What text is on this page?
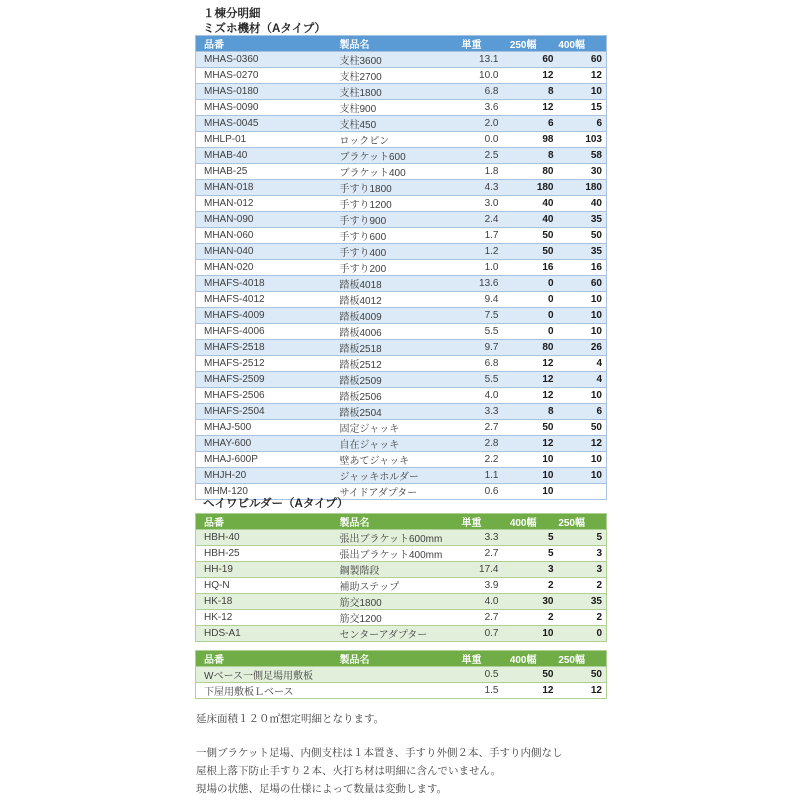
１棟分明細
ミズホ機材（Aタイプ）
品番	製品名	単重	250幅	400幅
MHAS-0360	支柱3600	13.1	60	60
MHAS-0270	支柱2700	10.0	12	12
MHAS-0180	支柱1800	6.8	8	10
MHAS-0090	支柱900	3.6	12	15
MHAS-0045	支柱450	2.0	6	6
MHLP-01	ロックピン	0.0	98	103
MHAB-40	ブラケット600	2.5	8	58
MHAB-25	ブラケット400	1.8	80	30
MHAN-018	手すり1800	4.3	180	180
MHAN-012	手すり1200	3.0	40	40
MHAN-090	手すり900	2.4	40	35
MHAN-060	手すり600	1.7	50	50
MHAN-040	手すり400	1.2	50	35
MHAN-020	手すり200	1.0	16	16
MHAFS-4018	踏板4018	13.6	0	60
MHAFS-4012	踏板4012	9.4	0	10
MHAFS-4009	踏板4009	7.5	0	10
MHAFS-4006	踏板4006	5.5	0	10
MHAFS-2518	踏板2518	9.7	80	26
MHAFS-2512	踏板2512	6.8	12	4
MHAFS-2509	踏板2509	5.5	12	4
MHAFS-2506	踏板2506	4.0	12	10
MHAFS-2504	踏板2504	3.3	8	6
MHAJ-500	固定ジャッキ	2.7	50	50
MHAY-600	自在ジャッキ	2.8	12	12
MHAJ-600P	壁あてジャッキ	2.2	10	10
MHJH-20	ジャッキホルダー	1.1	10	10
MHM-120	サイドアダプター	0.6	10	
ヘイワビルダー（Aタイプ）
品番	製品名	単重	400幅	250幅
HBH-40	張出ブラケット600mm	3.3	5	5
HBH-25	張出ブラケット400mm	2.7	5	3
HH-19	鋼製階段	17.4	3	3
HQ-N	補助ステップ	3.9	2	2
HK-18	筋交1800	4.0	30	35
HK-12	筋交1200	2.7	2	2
HDS-A1	センターアダプター	0.7	10	0
品番	製品名	単重	400幅	250幅
Wベース一側足場用敷板		0.5	50	50
下屋用敷板Ｌベース		1.5	12	12
延床面積１２０㎡想定明細となります。
一側ブラケット足場、内側支柱は１本置き、手すり外側２本、手すり内側なし
屋根上落下防止手すり２本、火打ち材は明細に含んでいません。
現場の状態、足場の仕様によって数量は変動します。
